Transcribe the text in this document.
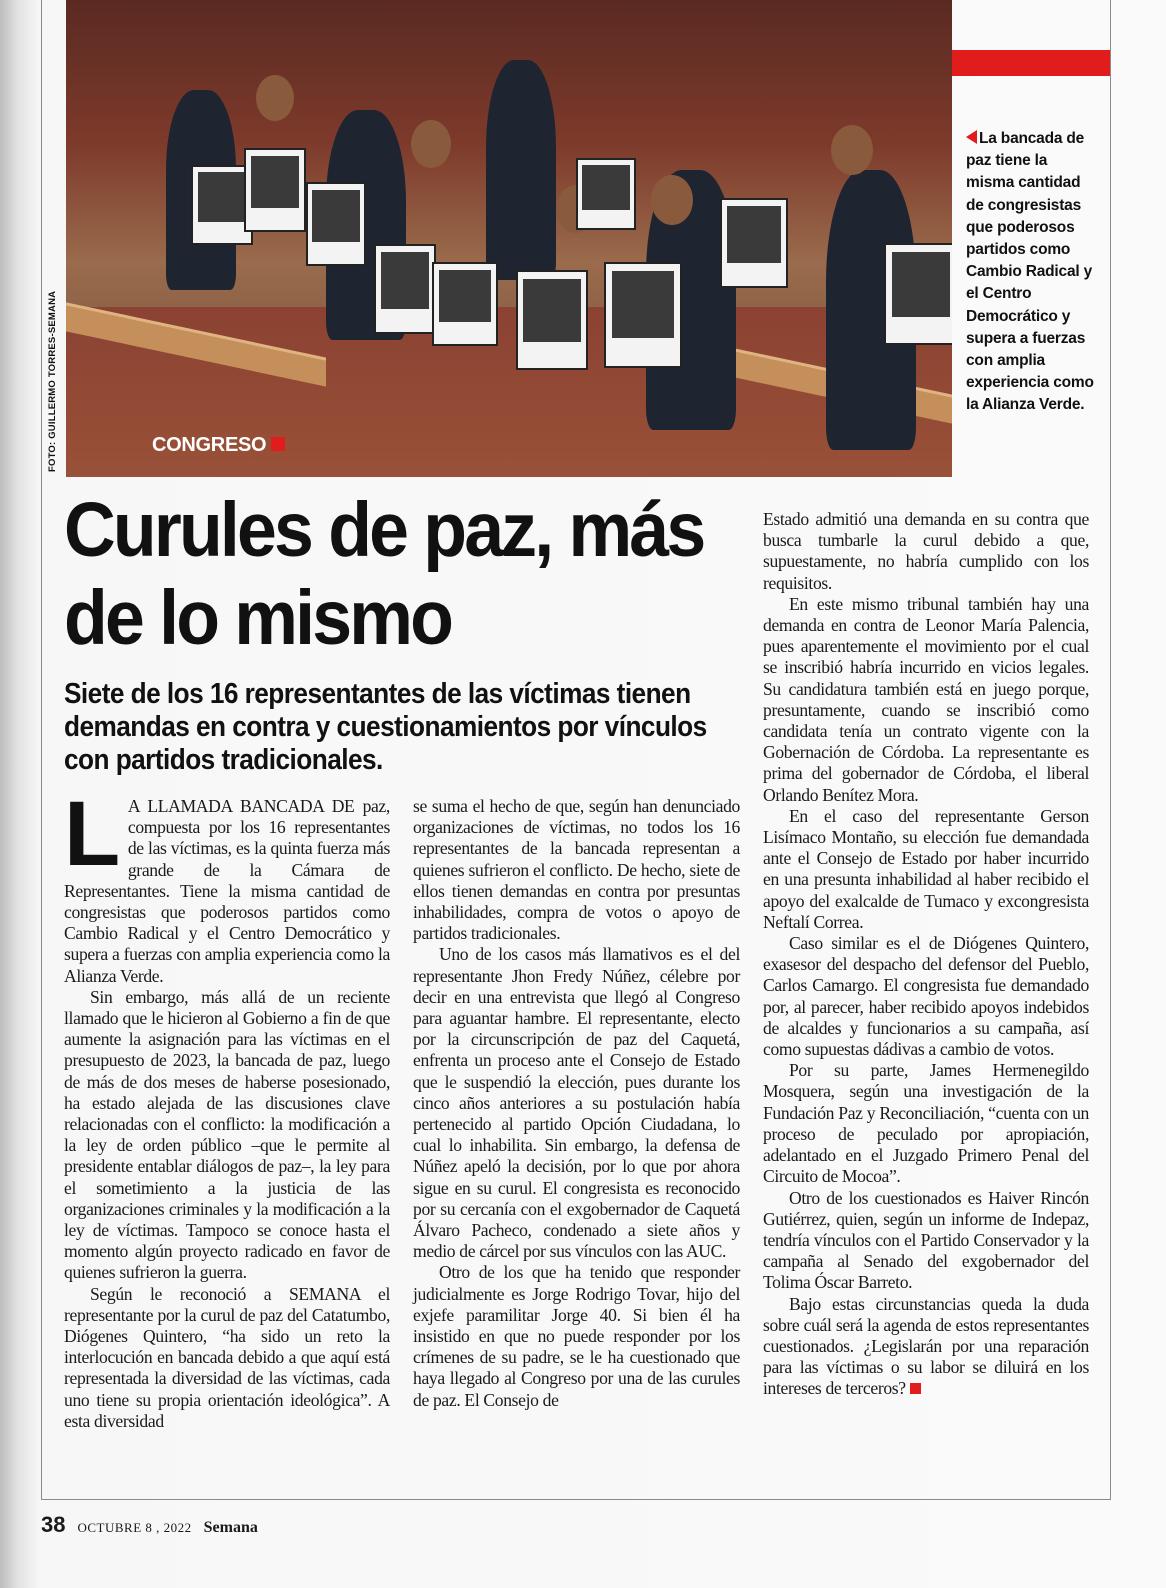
CONGRESO
La bancada de paz tiene la misma cantidad de congresistas que poderosos partidos como Cambio Radical y el Centro Democrático y supera a fuerzas con amplia experiencia como la Alianza Verde.
FOTO: GUILLERMO TORRES-SEMANA
Curules de paz, más de lo mismo
Siete de los 16 representantes de las víctimas tienen demandas en contra y cuestionamientos por vínculos con partidos tradicionales.

L A LLAMADA BANCADA DE paz, compuesta por los 16 representantes de las víctimas, es la quinta fuerza más grande de la Cámara de Representantes. Tiene la misma cantidad de congresistas que poderosos partidos como Cambio Radical y el Centro Democrático y supera a fuerzas con amplia experiencia como la Alianza Verde.

Sin embargo, más allá de un reciente llamado que le hicieron al Gobierno a fin de que aumente la asignación para las víctimas en el presupuesto de 2023, la bancada de paz, luego de más de dos meses de haberse posesionado, ha estado alejada de las discusiones clave relacionadas con el conflicto: la modificación a la ley de orden público –que le permite al presidente entablar diálogos de paz–, la ley para el sometimiento a la justicia de las organizaciones criminales y la modificación a la ley de víctimas. Tampoco se conoce hasta el momento algún proyecto radicado en favor de quienes sufrieron la guerra.

Según le reconoció a SEMANA el representante por la curul de paz del Catatumbo, Diógenes Quintero, “ha sido un reto la interlocución en bancada debido a que aquí está representada la diversidad de las víctimas, cada uno tiene su propia orientación ideológica”. A esta diversidad

se suma el hecho de que, según han denunciado organizaciones de víctimas, no todos los 16 representantes de la bancada representan a quienes sufrieron el conflicto. De hecho, siete de ellos tienen demandas en contra por presuntas inhabilidades, compra de votos o apoyo de partidos tradicionales.

Uno de los casos más llamativos es el del representante Jhon Fredy Núñez, célebre por decir en una entrevista que llegó al Congreso para aguantar hambre. El representante, electo por la circunscripción de paz del Caquetá, enfrenta un proceso ante el Consejo de Estado que le suspendió la elección, pues durante los cinco años anteriores a su postulación había pertenecido al partido Opción Ciudadana, lo cual lo inhabilita. Sin embargo, la defensa de Núñez apeló la decisión, por lo que por ahora sigue en su curul. El congresista es reconocido por su cercanía con el exgobernador de Caquetá Álvaro Pacheco, condenado a siete años y medio de cárcel por sus vínculos con las AUC.

Otro de los que ha tenido que responder judicialmente es Jorge Rodrigo Tovar, hijo del exjefe paramilitar Jorge 40. Si bien él ha insistido en que no puede responder por los crímenes de su padre, se le ha cuestionado que haya llegado al Congreso por una de las curules de paz. El Consejo de

Estado admitió una demanda en su contra que busca tumbarle la curul debido a que, supuestamente, no habría cumplido con los requisitos.

En este mismo tribunal también hay una demanda en contra de Leonor María Palencia, pues aparentemente el movimiento por el cual se inscribió habría incurrido en vicios legales. Su candidatura también está en juego porque, presuntamente, cuando se inscribió como candidata tenía un contrato vigente con la Gobernación de Córdoba. La representante es prima del gobernador de Córdoba, el liberal Orlando Benítez Mora.

En el caso del representante Gerson Lisímaco Montaño, su elección fue demandada ante el Consejo de Estado por haber incurrido en una presunta inhabilidad al haber recibido el apoyo del exalcalde de Tumaco y excongresista Neftalí Correa.

Caso similar es el de Diógenes Quintero, exasesor del despacho del defensor del Pueblo, Carlos Camargo. El congresista fue demandado por, al parecer, haber recibido apoyos indebidos de alcaldes y funcionarios a su campaña, así como supuestas dádivas a cambio de votos.

Por su parte, James Hermenegildo Mosquera, según una investigación de la Fundación Paz y Reconciliación, “cuenta con un proceso de peculado por apropiación, adelantado en el Juzgado Primero Penal del Circuito de Mocoa”.

Otro de los cuestionados es Haiver Rincón Gutiérrez, quien, según un informe de Indepaz, tendría vínculos con el Partido Conservador y la campaña al Senado del exgobernador del Tolima Óscar Barreto.

Bajo estas circunstancias queda la duda sobre cuál será la agenda de estos representantes cuestionados. ¿Legislarán por una reparación para las víctimas o su labor se diluirá en los intereses de terceros?

38 OCTUBRE 8 , 2022 Semana
